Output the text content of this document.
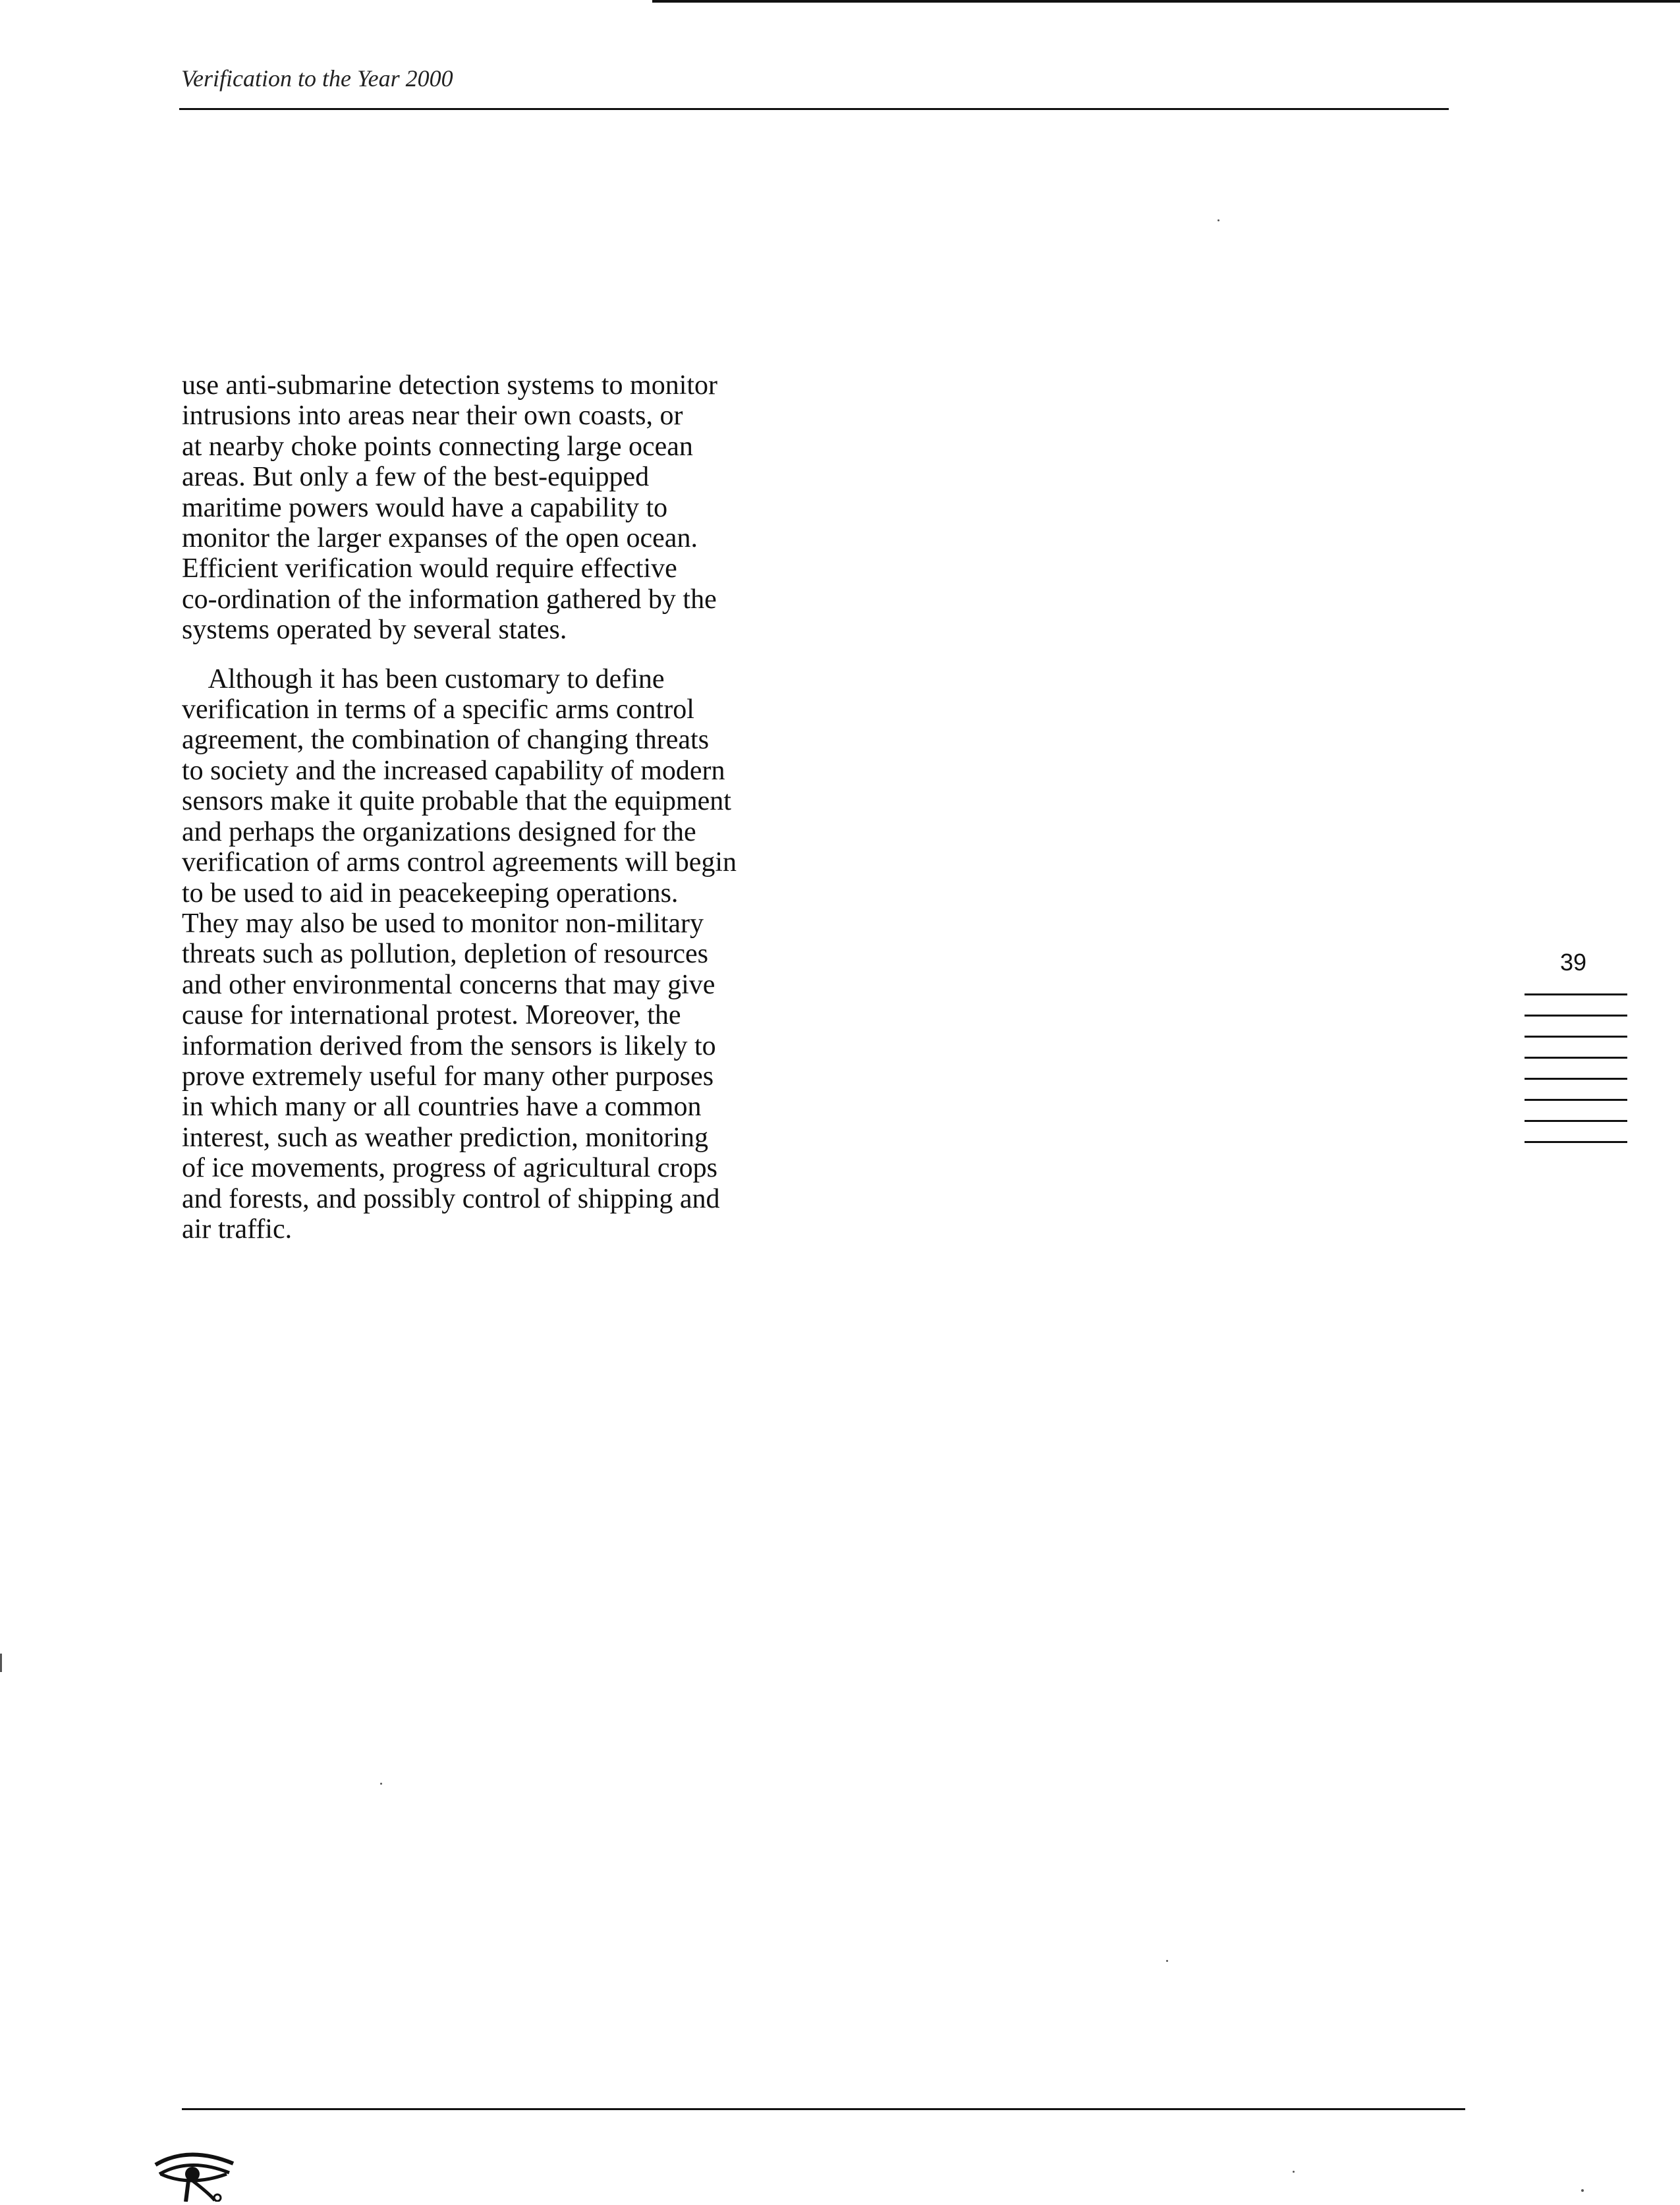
Verification to the Year 2000

use anti-submarine detection systems to monitor
intrusions into areas near their own coasts, or
at nearby choke points connecting large ocean
areas. But only a few of the best-equipped
maritime powers would have a capability to
monitor the larger expanses of the open ocean.
Efficient verification would require effective
co-ordination of the information gathered by the
systems operated by several states.

Although it has been customary to define
verification in terms of a specific arms control
agreement, the combination of changing threats
to society and the increased capability of modern
sensors make it quite probable that the equipment
and perhaps the organizations designed for the
verification of arms control agreements will begin
to be used to aid in peacekeeping operations.
They may also be used to monitor non-military
threats such as pollution, depletion of resources
and other environmental concerns that may give
cause for international protest. Moreover, the
information derived from the sensors is likely to
prove extremely useful for many other purposes
in which many or all countries have a common
interest, such as weather prediction, monitoring
of ice movements, progress of agricultural crops
and forests, and possibly control of shipping and
air traffic.

39
